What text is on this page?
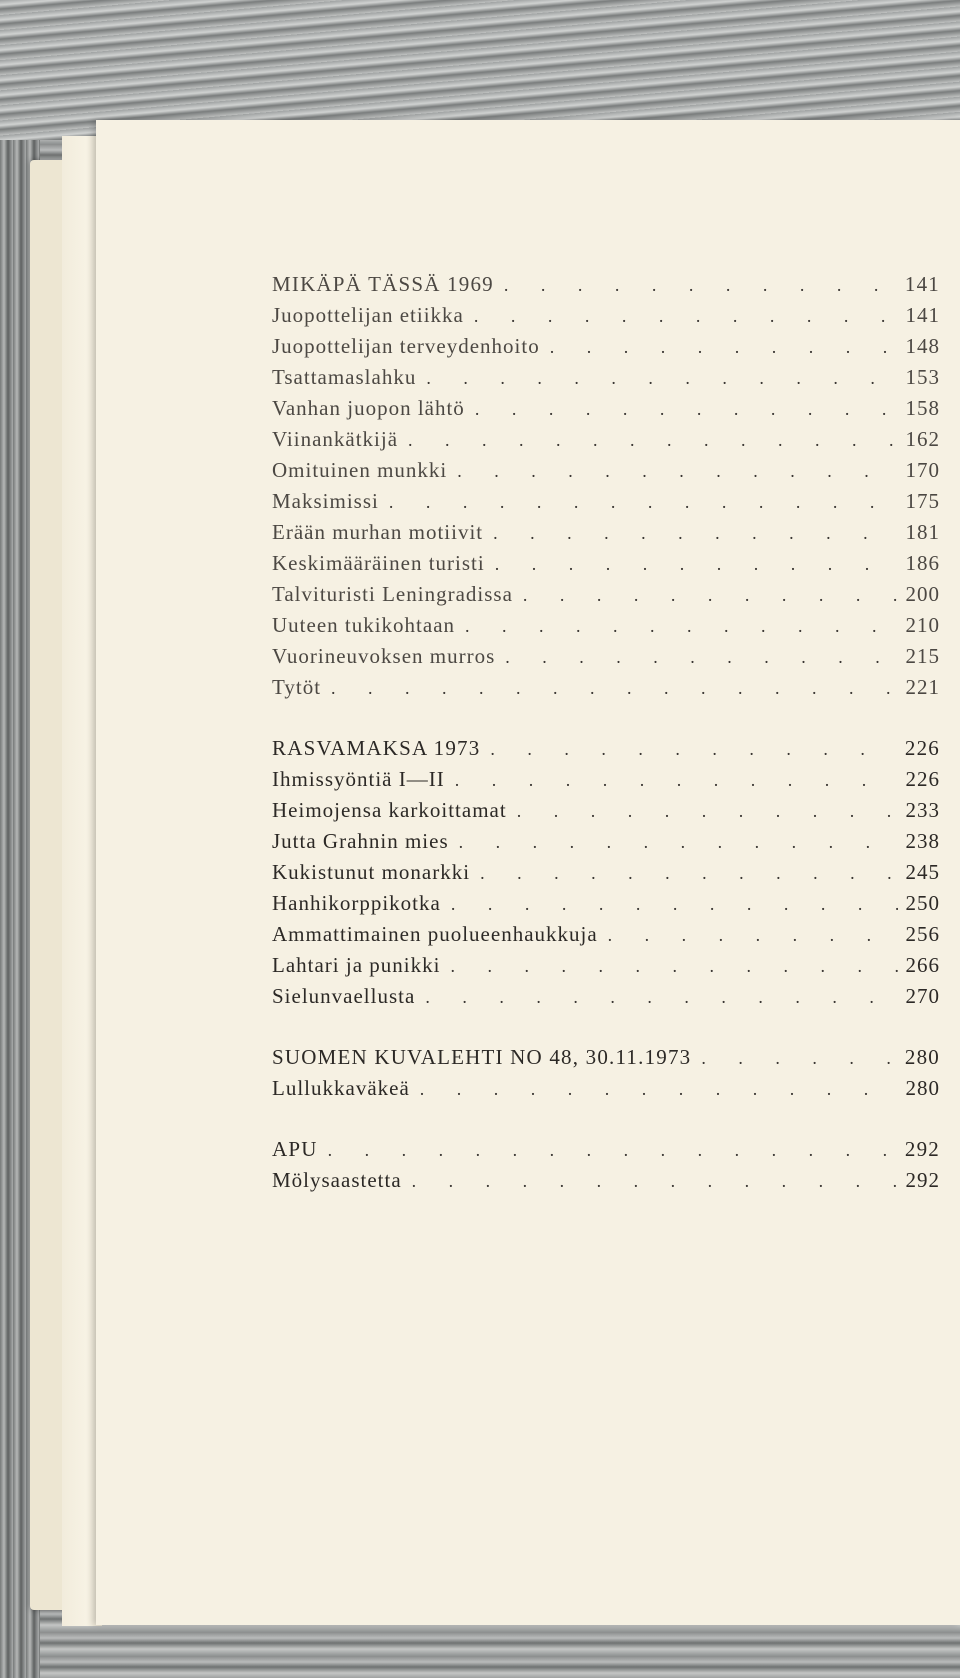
MIKÄPÄ TÄSSÄ 1969 . . .	141
Juopottelijan etiikka . . .	141
Juopottelijan terveydenhoito . . .	148
Tsattamaslahku . . .	153
Vanhan juopon lähtö . . .	158
Viinankätkijä . . .	162
Omituinen munkki . . .	170
Maksimissi . . .	175
Erään murhan motiivit . . .	181
Keskimääräinen turisti . . .	186
Talvituristi Leningradissa . . .	200
Uuteen tukikohtaan . . .	210
Vuorineuvoksen murros . . .	215
Tytöt . . .	221
RASVAMAKSA 1973 . . .	226
Ihmissyöntiä I—II . . .	226
Heimojensa karkoittamat . . .	233
Jutta Grahnin mies . . .	238
Kukistunut monarkki . . .	245
Hanhikorppikotka . . .	250
Ammattimainen puolueenhaukkuja . . .	256
Lahtari ja punikki . . .	266
Sielunvaellusta . . .	270
SUOMEN KUVALEHTI NO 48, 30.11.1973 . . .	280
Lullukkaväkeä . . .	280
APU . . .	292
Mölysaastetta . . .	292
